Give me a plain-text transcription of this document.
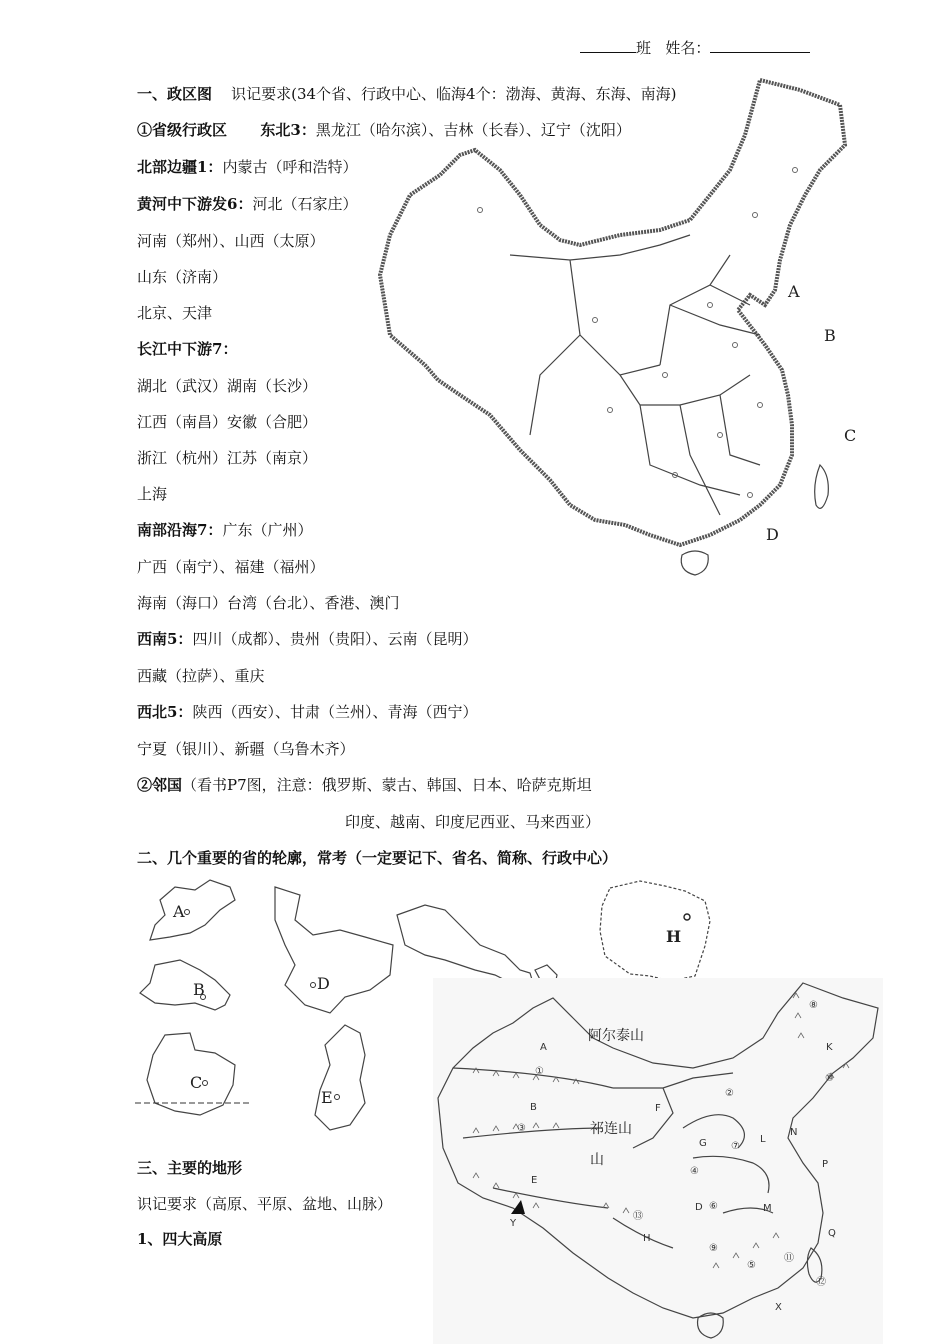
班 姓名：
A
B
C
D
一、政区图 识记要求(34个省、行政中心、临海4个：渤海、黄海、东海、南海)
①省级行政区 东北3：黑龙江（哈尔滨）、吉林（长春）、辽宁（沈阳）
北部边疆1：内蒙古（呼和浩特）
黄河中下游发6：河北（石家庄）
河南（郑州）、山西（太原）
山东（济南）
北京、天津
长江中下游7：
湖北（武汉）湖南（长沙）
江西（南昌）安徽（合肥）
浙江（杭州）江苏（南京）
上海
南部沿海7：广东（广州）
广西（南宁）、福建（福州）
海南（海口）台湾（台北）、香港、澳门
西南5：四川（成都）、贵州（贵阳）、云南（昆明）
西藏（拉萨）、重庆
西北5：陕西（西安）、甘肃（兰州）、青海（西宁）
宁夏（银川）、新疆（乌鲁木齐）
②邻国（看书P7图，注意：俄罗斯、蒙古、韩国、日本、哈萨克斯坦
印度、越南、印度尼西亚、马来西亚）
二、几个重要的省的轮廓，常考（一定要记下、省名、简称、行政中心）
A
B
C
D
E
H
三、主要的地形
识记要求（高原、平原、盆地、山脉）
1、四大高原
阿尔泰山
祁连山
山
A
B
E
F
G	L
N
K
P
Q
M
D
H
X
Y
①
②
③
④
⑤
⑥
⑦
⑧
⑨
⑩
⑪
⑫
⑬
